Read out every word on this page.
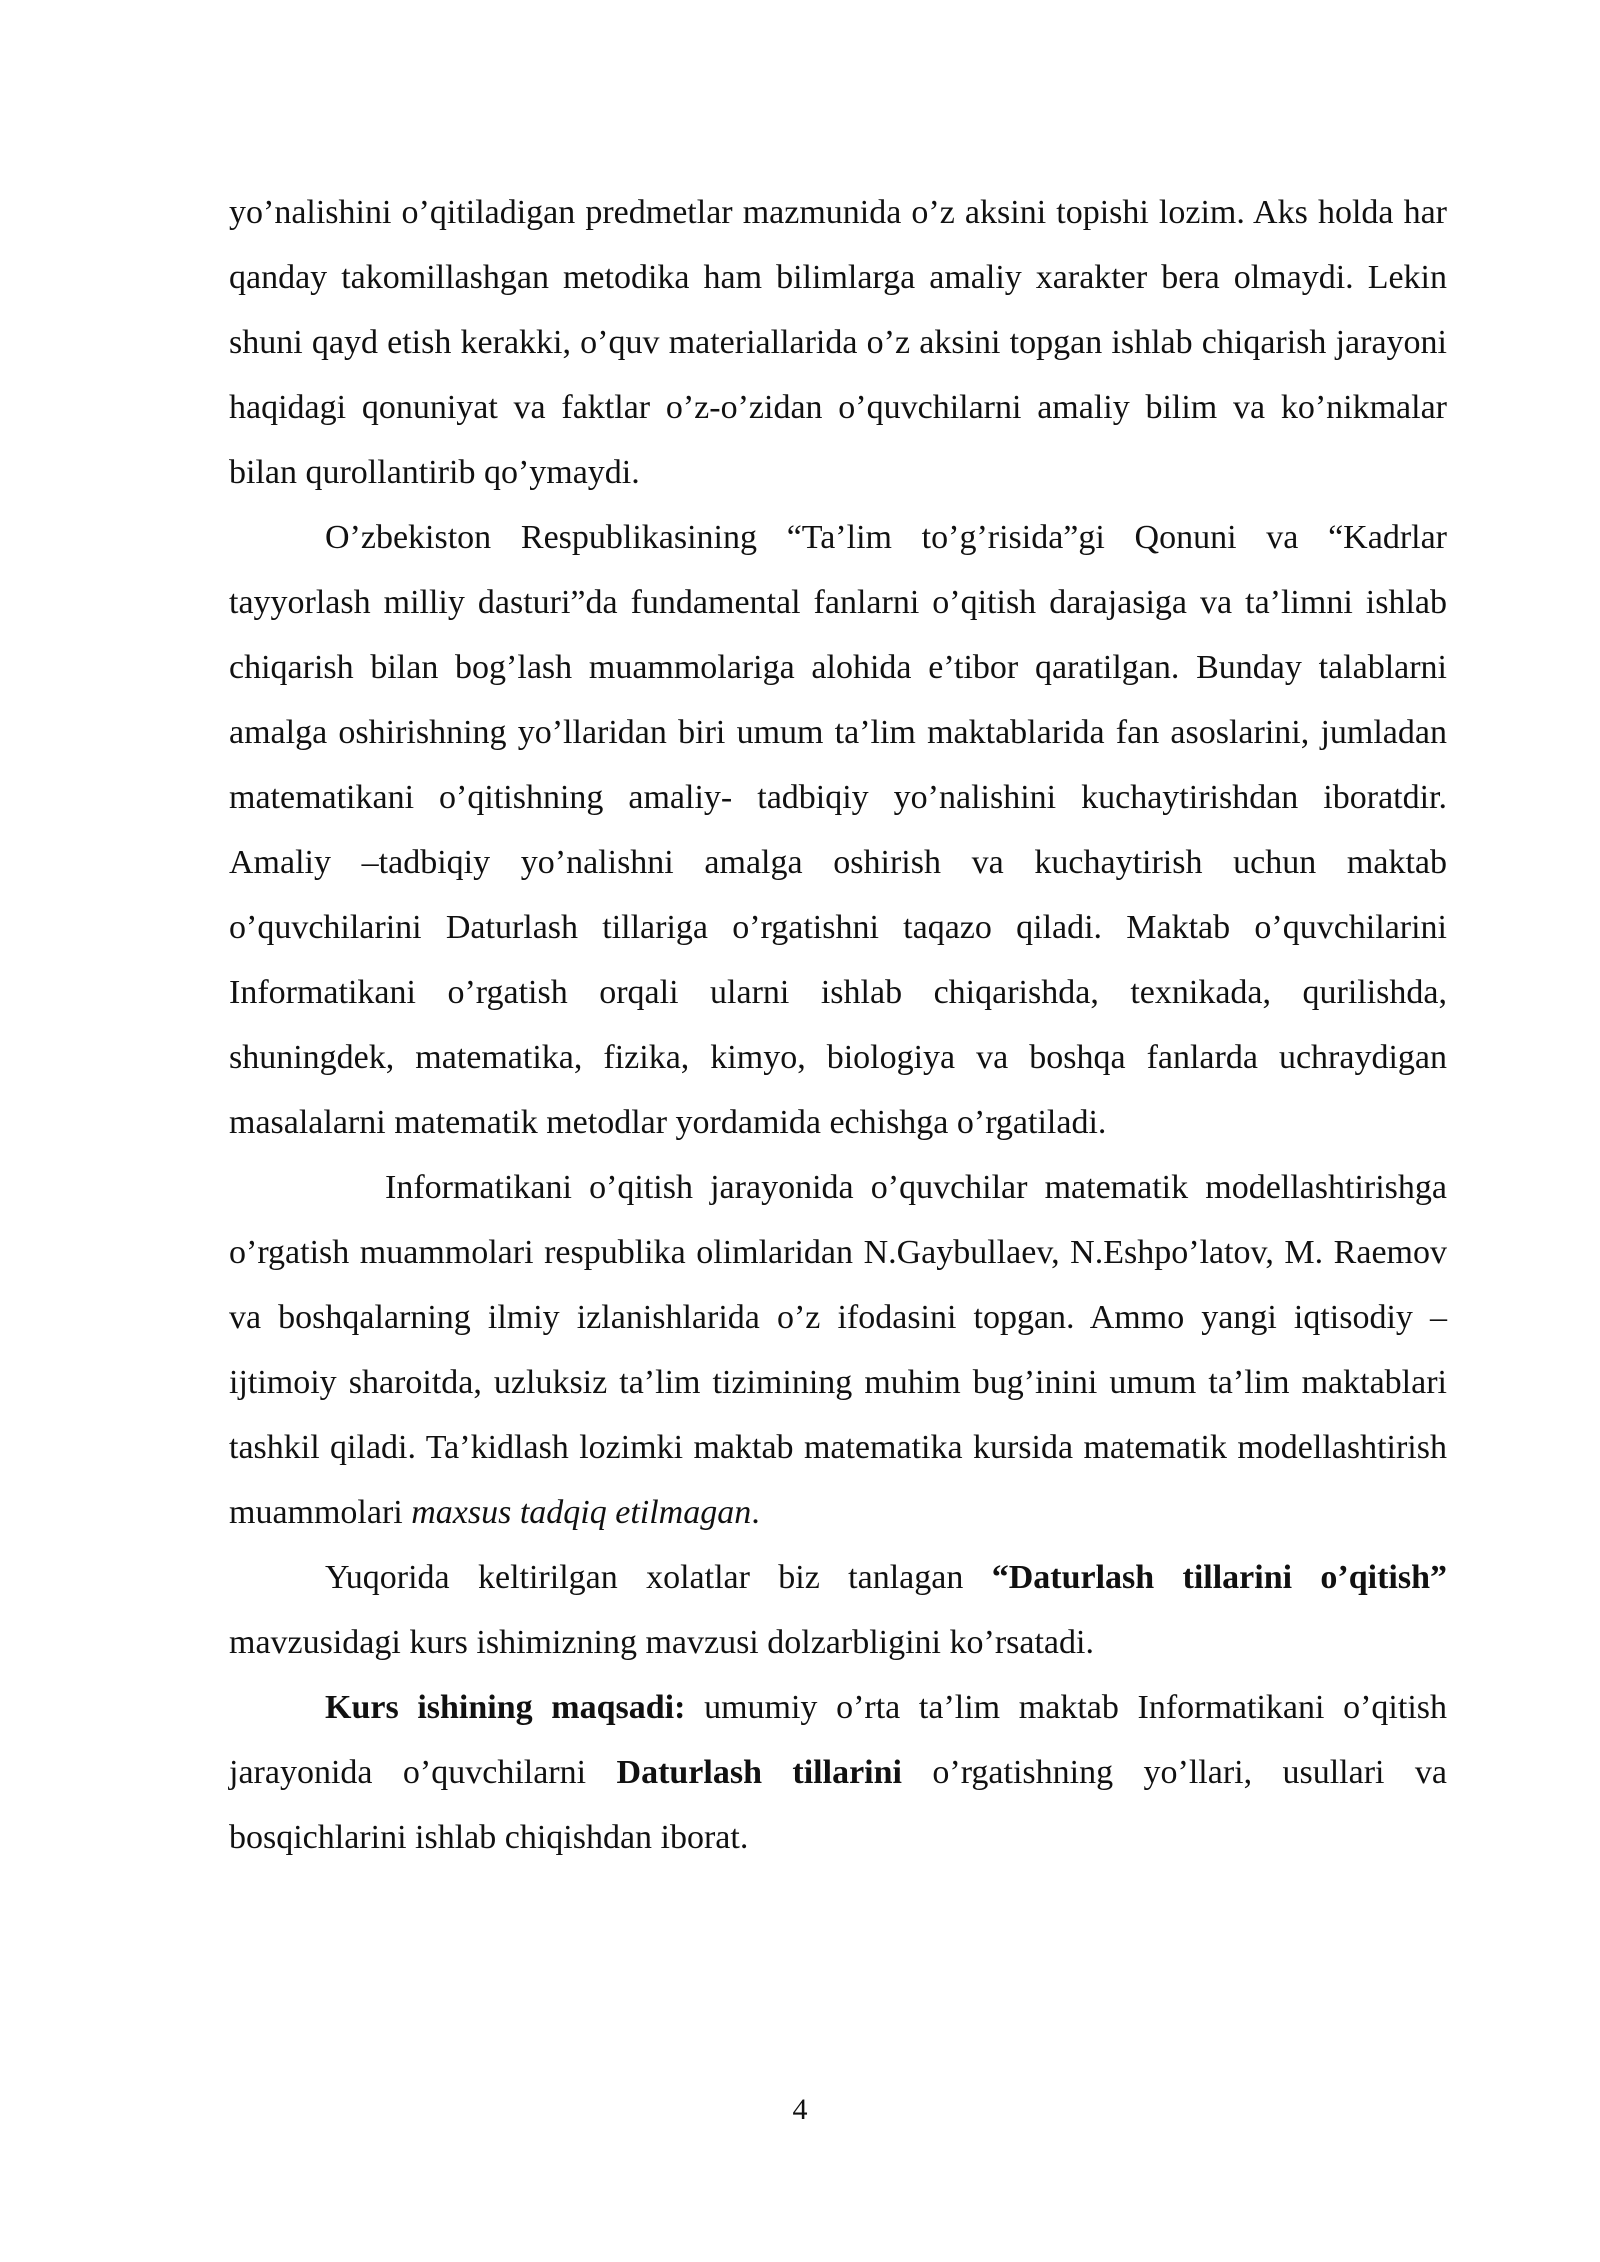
yo’nalishini o’qitiladigan predmetlar mazmunida o’z aksini topishi lozim. Aks holda har qanday takomillashgan metodika ham bilimlarga amaliy xarakter bera olmaydi. Lekin shuni qayd etish kerakki, o’quv materiallarida o’z aksini topgan ishlab chiqarish jarayoni haqidagi qonuniyat va faktlar o’z-o’zidan o’quvchilarni amaliy bilim va ko’nikmalar bilan qurollantirib qo’ymaydi.

O’zbekiston Respublikasining “Ta’lim to’g’risida”gi Qonuni va “Kadrlar tayyorlash milliy dasturi”da fundamental fanlarni o’qitish darajasiga va ta’limni ishlab chiqarish bilan bog’lash muammolariga alohida e’tibor qaratilgan. Bunday talablarni amalga oshirishning yo’llaridan biri umum ta’lim maktablarida fan asoslarini, jumladan matematikani o’qitishning amaliy- tadbiqiy yo’nalishini kuchaytirishdan iboratdir. Amaliy –tadbiqiy yo’nalishni amalga oshirish va kuchaytirish uchun maktab o’quvchilarini Daturlash tillariga o’rgatishni taqazo qiladi. Maktab o’quvchilarini Informatikani o’rgatish orqali ularni ishlab chiqarishda, texnikada, qurilishda, shuningdek, matematika, fizika, kimyo, biologiya va boshqa fanlarda uchraydigan masalalarni matematik metodlar yordamida echishga o’rgatiladi.

Informatikani o’qitish jarayonida o’quvchilar matematik modellashtirishga o’rgatish muammolari respublika olimlaridan N.Gaybullaev, N.Eshpo’latov, M. Raemov va boshqalarning ilmiy izlanishlarida o’z ifodasini topgan. Ammo yangi iqtisodiy – ijtimoiy sharoitda, uzluksiz ta’lim tizimining muhim bug’inini umum ta’lim maktablari tashkil qiladi. Ta’kidlash lozimki maktab matematika kursida matematik modellashtirish muammolari maxsus tadqiq etilmagan.

Yuqorida keltirilgan xolatlar biz tanlagan “Daturlash tillarini o’qitish” mavzusidagi kurs ishimizning mavzusi dolzarbligini ko’rsatadi.

Kurs ishining maqsadi: umumiy o’rta ta’lim maktab Informatikani o’qitish jarayonida o’quvchilarni Daturlash tillarini o’rgatishning yo’llari, usullari va bosqichlarini ishlab chiqishdan iborat.

4
